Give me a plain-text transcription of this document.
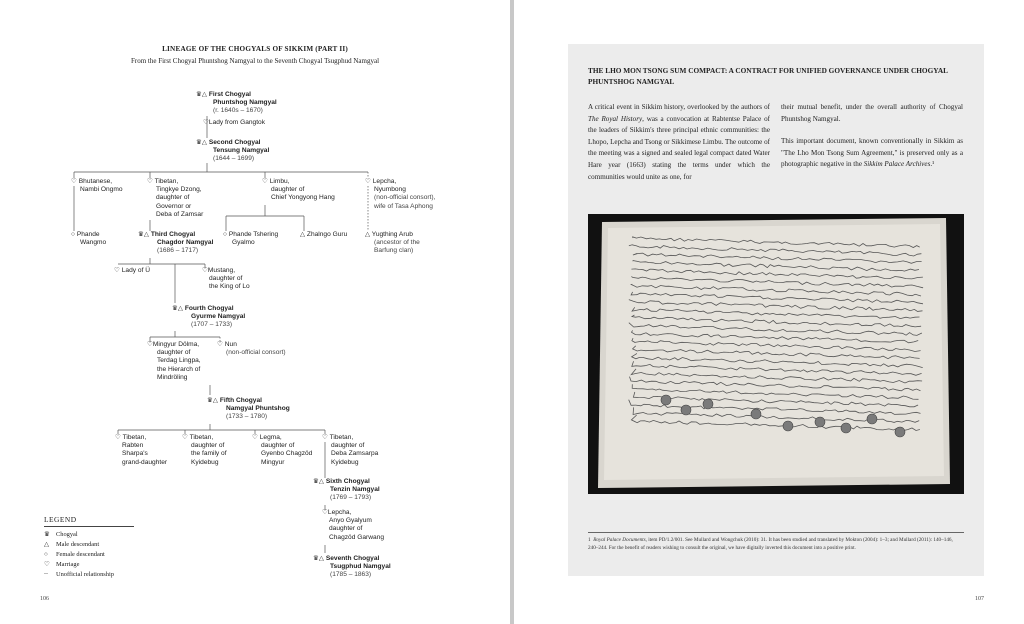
LINEAGE OF THE CHOGYALS OF SIKKIM (PART II)
From the First Chogyal Phuntshog Namgyal to the Seventh Chogyal Tsugphud Namgyal
♛△ First Chogyal
Phuntshog Namgyal
(r. 1640s – 1670)
♡Lady from Gangtok
♛△ Second Chogyal
Tensung Namgyal
(1644 – 1699)
♡ Bhutanese,
Nambi Ongmo
♡ Tibetan,
Tingkye Dzong,
daughter of
Governor or
Deba of Zamsar
♡ Limbu,
daughter of
Chief Yongyong Hang
♡ Lepcha,
Nyumbong
(non-official consort),
wife of Tasa Aphong
○ Phande
Wangmo
♛△ Third Chogyal
Chagdor Namgyal
(1686 – 1717)
○ Phande Tshering
Gyalmo
△ Zhalngo Guru	△ Yugthing Arub
(ancestor of the
Barfung clan)
♡ Lady of Ü	♡Mustang,
daughter of
the King of Lo
♛△ Fourth Chogyal
Gyurme Namgyal
(1707 – 1733)
♡Mingyur Dölma,
daughter of
Terdag Lingpa,
the Hierarch of
Mindröling
♡ Nun
(non-official consort)
♛△ Fifth Chogyal
Namgyal Phuntshog
(1733 – 1780)
♡ Tibetan,
Rabten
Sharpa's
grand-daughter
♡ Tibetan,
daughter of
the family of
Kyidebug
♡ Legma,
daughter of
Gyenbo Chagzöd
Mingyur
♡ Tibetan,
daughter of
Deba Zamsarpa
Kyidebug
♛△ Sixth Chogyal
Tenzin Namgyal
(1769 – 1793)
♡Lepcha,
Anyo Gyalyum
daughter of
Chagzöd Garwang
♛△ Seventh Chogyal
Tsugphud Namgyal
(1785 – 1863)
LEGEND
♛ Chogyal
△	Male descendant
○	Female descendant
♡ Marriage
┈	Unofficial relationship
106
THE LHO MON TSONG SUM COMPACT: A CONTRACT FOR UNIFIED GOVERNANCE UNDER CHOGYAL PHUNTSHOG NAMGYAL
A critical event in Sikkim history, overlooked by the authors of The Royal History, was a convocation at Rabtentse Palace of the leaders of Sikkim's three principal ethnic communities: the Lhopo, Lepcha and Tsong or Sikkimese Limbu. The outcome of the meeting was a signed and sealed legal compact dated Water Hare year (1663) stating the terms under which the communities would unite as one, for
their mutual benefit, under the overall authority of Chogyal Phuntshog Namgyal.
This important document, known conventionally in Sikkim as "The Lho Mon Tsong Sum Agreement," is preserved only as a photographic negative in the Sikkim Palace Archives.¹
1 Royal Palace Documents, item PD/1.2/001. See Mullard and Wongchuk (2010): 31. It has been studied and translated by Mokton (2004): 1–3; and Mullard (2011): 140–146, 240–244. For the benefit of readers wishing to consult the original, we have digitally inverted this document into a positive print.
107
